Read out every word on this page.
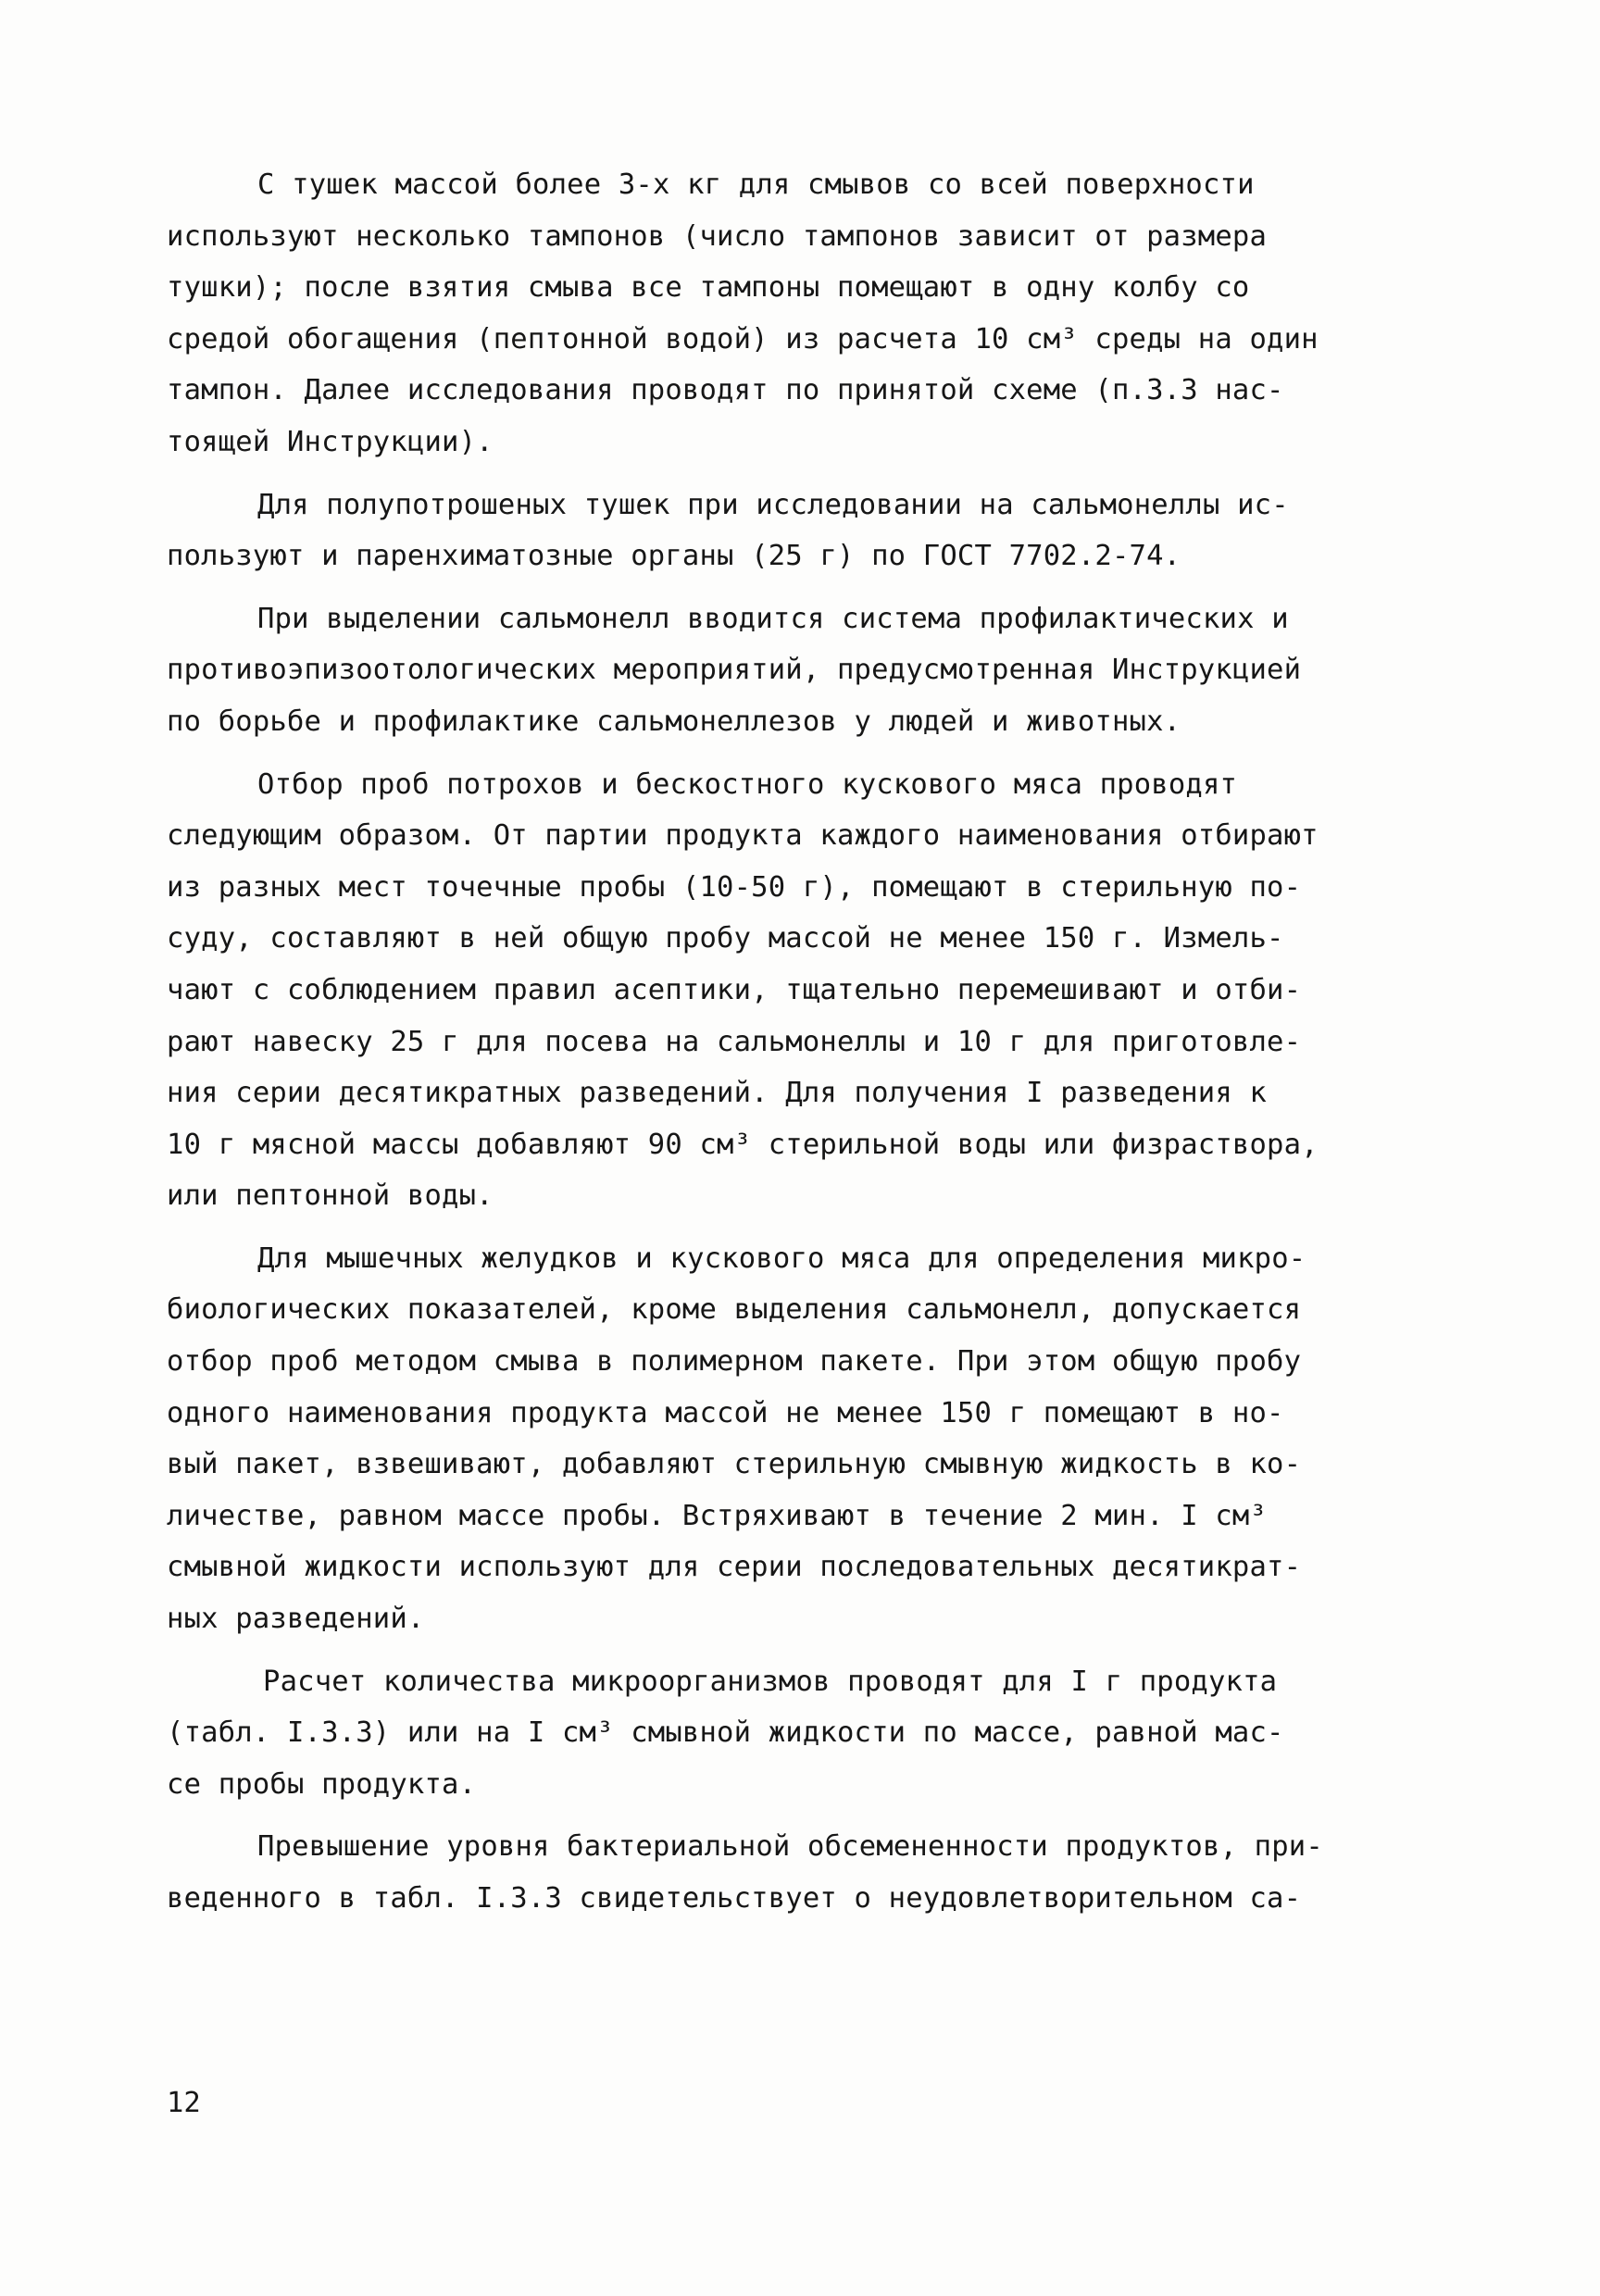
С тушек массой более 3-х кг для смывов со всей поверхности
используют несколько тампонов (число тампонов зависит от размера
тушки); после взятия смыва все тампоны помещают в одну колбу со
средой обогащения (пептонной водой) из расчета 10 см³ среды на один
тампон. Далее исследования проводят по принятой схеме (п.3.3 нас-
тоящей Инструкции).
Для полупотрошеных тушек при исследовании на сальмонеллы ис-
пользуют и паренхиматозные органы (25 г) по ГОСТ 7702.2-74.
При выделении сальмонелл вводится система профилактических и
противоэпизоотологических мероприятий, предусмотренная Инструкцией
по борьбе и профилактике сальмонеллезов у людей и животных.
Отбор проб потрохов и бескостного кускового мяса проводят
следующим образом. От партии продукта каждого наименования отбирают
из разных мест точечные пробы (10-50 г), помещают в стерильную по-
суду, составляют в ней общую пробу массой не менее 150 г. Измель-
чают с соблюдением правил асептики, тщательно перемешивают и отби-
рают навеску 25 г для посева на сальмонеллы и 10 г для приготовле-
ния серии десятикратных разведений. Для получения I разведения к
10 г мясной массы добавляют 90 см³ стерильной воды или физраствора,
или пептонной воды.
Для мышечных желудков и кускового мяса для определения микро-
биологических показателей, кроме выделения сальмонелл, допускается
отбор проб методом смыва в полимерном пакете. При этом общую пробу
одного наименования продукта массой не менее 150 г помещают в но-
вый пакет, взвешивают, добавляют стерильную смывную жидкость в ко-
личестве, равном массе пробы. Встряхивают в течение 2 мин. I см³
смывной жидкости используют для серии последовательных десятикрат-
ных разведений.
Расчет количества микроорганизмов проводят для I г продукта
(табл. I.3.3) или на I см³ смывной жидкости по массе, равной мас-
се пробы продукта.
Превышение уровня бактериальной обсемененности продуктов, при-
веденного в табл. I.3.3 свидетельствует о неудовлетворительном са-
12
